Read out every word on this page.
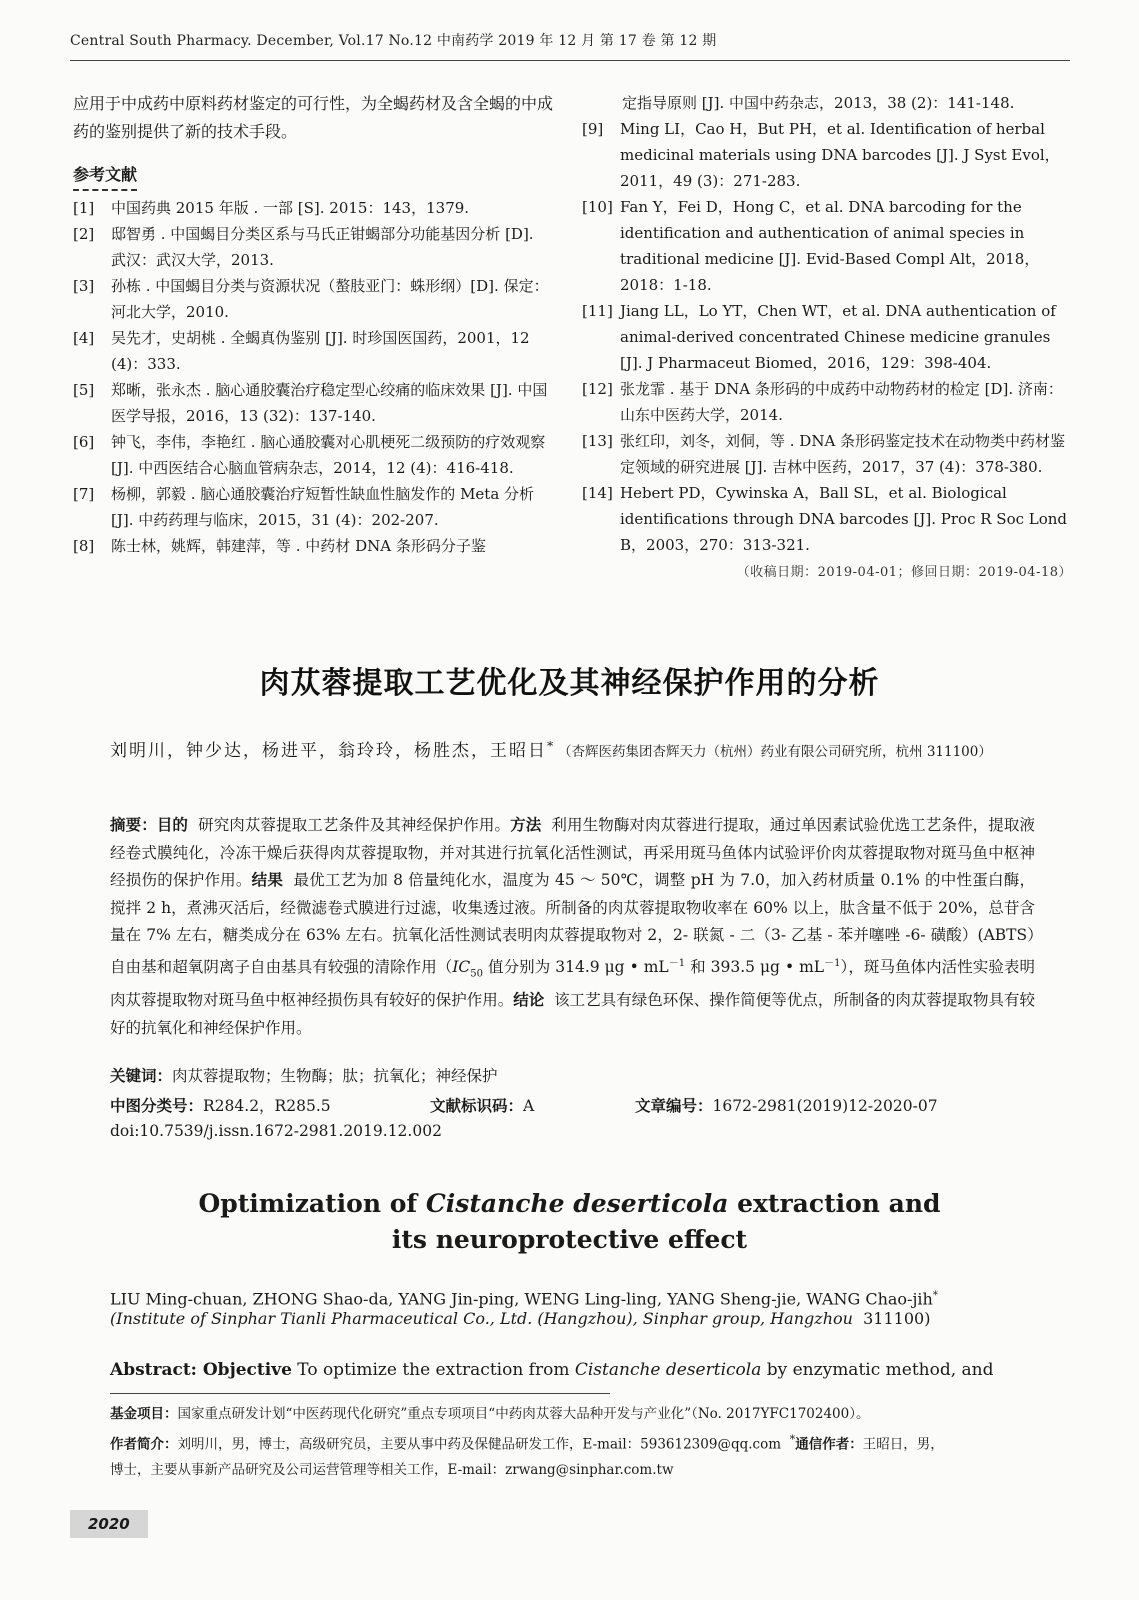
Central South Pharmacy. December, Vol.17 No.12 中南药学 2019 年 12 月 第 17 卷 第 12 期
应用于中成药中原料药材鉴定的可行性，为全蝎药材及含全蝎的中成药的鉴别提供了新的技术手段。
参考文献
[1]	中国药典 2015 年版 . 一部 [S]. 2015：143，1379.
[2]	邸智勇 . 中国蝎目分类区系与马氏正钳蝎部分功能基因分析 [D]. 武汉：武汉大学，2013.
[3]	孙栋 . 中国蝎目分类与资源状况（螯肢亚门：蛛形纲）[D]. 保定：河北大学，2010.
[4]	吴先才，史胡桃 . 全蝎真伪鉴别 [J]. 时珍国医国药，2001，12 (4)：333.
[5]	郑晰，张永杰 . 脑心通胶囊治疗稳定型心绞痛的临床效果 [J]. 中国医学导报，2016，13 (32)：137-140.
[6]	钟飞，李伟，李艳红 . 脑心通胶囊对心肌梗死二级预防的疗效观察 [J]. 中西医结合心脑血管病杂志，2014，12 (4)：416-418.
[7]	杨柳，郭毅 . 脑心通胶囊治疗短暂性缺血性脑发作的 Meta 分析 [J]. 中药药理与临床，2015，31 (4)：202-207.
[8]	陈士林，姚辉，韩建萍，等 . 中药材 DNA 条形码分子鉴
定指导原则 [J]. 中国中药杂志，2013，38 (2)：141-148.
[9]	Ming LI，Cao H，But PH，et al. Identification of herbal medicinal materials using DNA barcodes [J]. J Syst Evol，2011，49 (3)：271-283.
[10] Fan Y，Fei D，Hong C，et al. DNA barcoding for the identification and authentication of animal species in traditional medicine [J]. Evid-Based Compl Alt，2018，2018：1-18.
[11] Jiang LL，Lo YT，Chen WT，et al. DNA authentication of animal-derived concentrated Chinese medicine granules [J]. J Pharmaceut Biomed，2016，129：398-404.
[12] 张龙霏 . 基于 DNA 条形码的中成药中动物药材的检定 [D]. 济南：山东中医药大学，2014.
[13] 张红印，刘冬，刘侗，等 . DNA 条形码鉴定技术在动物类中药材鉴定领域的研究进展 [J]. 吉林中医药，2017，37 (4)：378-380.
[14] Hebert PD，Cywinska A，Ball SL，et al. Biological identifications through DNA barcodes [J]. Proc R Soc Lond B，2003，270：313-321.
（收稿日期：2019-04-01；修回日期：2019-04-18）
肉苁蓉提取工艺优化及其神经保护作用的分析
刘明川，钟少达，杨进平，翁玲玲，杨胜杰，王昭日* （杏辉医药集团杏辉天力（杭州）药业有限公司研究所，杭州 311100）
摘要：目的 研究肉苁蓉提取工艺条件及其神经保护作用。方法 利用生物酶对肉苁蓉进行提取，通过单因素试验优选工艺条件，提取液经卷式膜纯化，冷冻干燥后获得肉苁蓉提取物，并对其进行抗氧化活性测试，再采用斑马鱼体内试验评价肉苁蓉提取物对斑马鱼中枢神经损伤的保护作用。结果 最优工艺为加 8 倍量纯化水，温度为 45 ～ 50℃，调整 pH 为 7.0，加入药材质量 0.1% 的中性蛋白酶，搅拌 2 h，煮沸灭活后，经微滤卷式膜进行过滤，收集透过液。所制备的肉苁蓉提取物收率在 60% 以上，肽含量不低于 20%，总苷含量在 7% 左右，糖类成分在 63% 左右。抗氧化活性测试表明肉苁蓉提取物对 2，2- 联氮 - 二（3- 乙基 - 苯并噻唑 -6- 磺酸）(ABTS）自由基和超氧阴离子自由基具有较强的清除作用（$IC_{50}$ 值分别为 314.9 μg • $mL^{-1}$ 和 393.5 μg • $mL^{-1}$），斑马鱼体内活性实验表明肉苁蓉提取物对斑马鱼中枢神经损伤具有较好的保护作用。结论 该工艺具有绿色环保、操作简便等优点，所制备的肉苁蓉提取物具有较好的抗氧化和神经保护作用。
关键词：肉苁蓉提取物；生物酶；肽；抗氧化；神经保护
中图分类号：R284.2，R285.5	文献标识码：A	文章编号：1672-2981(2019)12-2020-07
doi:10.7539/j.issn.1672-2981.2019.12.002
Optimization of Cistanche deserticola extraction and
its neuroprotective effect
LIU Ming-chuan, ZHONG Shao-da, YANG Jin-ping, WENG Ling-ling, YANG Sheng-jie, WANG Chao-jih*
(Institute of Sinphar Tianli Pharmaceutical Co., Ltd. (Hangzhou), Sinphar group, Hangzhou 311100)
Abstract: Objective To optimize the extraction from Cistanche deserticola by enzymatic method, and
基金项目：国家重点研发计划“中医药现代化研究”重点专项项目“中药肉苁蓉大品种开发与产业化”（No. 2017YFC1702400）。
作者简介：刘明川，男，博士，高级研究员，主要从事中药及保健品研发工作，E-mail：593612309@qq.com *通信作者：王昭日，男，
博士，主要从事新产品研究及公司运营管理等相关工作，E-mail：zrwang@sinphar.com.tw
2020
